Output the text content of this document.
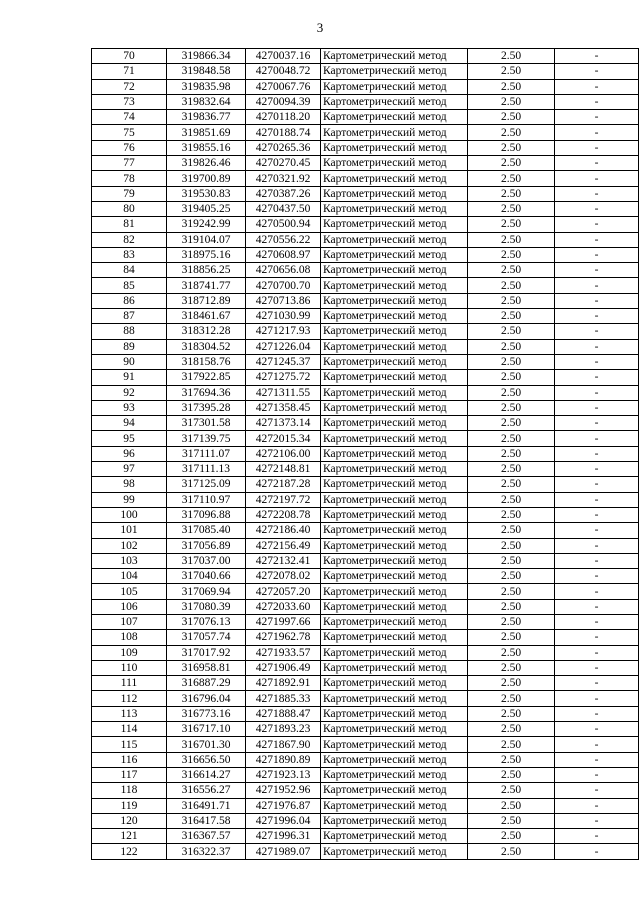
3
70	319866.34	4270037.16	Картометрический метод	2.50	-
71	319848.58	4270048.72	Картометрический метод	2.50	-
72	319835.98	4270067.76	Картометрический метод	2.50	-
73	319832.64	4270094.39	Картометрический метод	2.50	-
74	319836.77	4270118.20	Картометрический метод	2.50	-
75	319851.69	4270188.74	Картометрический метод	2.50	-
76	319855.16	4270265.36	Картометрический метод	2.50	-
77	319826.46	4270270.45	Картометрический метод	2.50	-
78	319700.89	4270321.92	Картометрический метод	2.50	-
79	319530.83	4270387.26	Картометрический метод	2.50	-
80	319405.25	4270437.50	Картометрический метод	2.50	-
81	319242.99	4270500.94	Картометрический метод	2.50	-
82	319104.07	4270556.22	Картометрический метод	2.50	-
83	318975.16	4270608.97	Картометрический метод	2.50	-
84	318856.25	4270656.08	Картометрический метод	2.50	-
85	318741.77	4270700.70	Картометрический метод	2.50	-
86	318712.89	4270713.86	Картометрический метод	2.50	-
87	318461.67	4271030.99	Картометрический метод	2.50	-
88	318312.28	4271217.93	Картометрический метод	2.50	-
89	318304.52	4271226.04	Картометрический метод	2.50	-
90	318158.76	4271245.37	Картометрический метод	2.50	-
91	317922.85	4271275.72	Картометрический метод	2.50	-
92	317694.36	4271311.55	Картометрический метод	2.50	-
93	317395.28	4271358.45	Картометрический метод	2.50	-
94	317301.58	4271373.14	Картометрический метод	2.50	-
95	317139.75	4272015.34	Картометрический метод	2.50	-
96	317111.07	4272106.00	Картометрический метод	2.50	-
97	317111.13	4272148.81	Картометрический метод	2.50	-
98	317125.09	4272187.28	Картометрический метод	2.50	-
99	317110.97	4272197.72	Картометрический метод	2.50	-
100	317096.88	4272208.78	Картометрический метод	2.50	-
101	317085.40	4272186.40	Картометрический метод	2.50	-
102	317056.89	4272156.49	Картометрический метод	2.50	-
103	317037.00	4272132.41	Картометрический метод	2.50	-
104	317040.66	4272078.02	Картометрический метод	2.50	-
105	317069.94	4272057.20	Картометрический метод	2.50	-
106	317080.39	4272033.60	Картометрический метод	2.50	-
107	317076.13	4271997.66	Картометрический метод	2.50	-
108	317057.74	4271962.78	Картометрический метод	2.50	-
109	317017.92	4271933.57	Картометрический метод	2.50	-
110	316958.81	4271906.49	Картометрический метод	2.50	-
111	316887.29	4271892.91	Картометрический метод	2.50	-
112	316796.04	4271885.33	Картометрический метод	2.50	-
113	316773.16	4271888.47	Картометрический метод	2.50	-
114	316717.10	4271893.23	Картометрический метод	2.50	-
115	316701.30	4271867.90	Картометрический метод	2.50	-
116	316656.50	4271890.89	Картометрический метод	2.50	-
117	316614.27	4271923.13	Картометрический метод	2.50	-
118	316556.27	4271952.96	Картометрический метод	2.50	-
119	316491.71	4271976.87	Картометрический метод	2.50	-
120	316417.58	4271996.04	Картометрический метод	2.50	-
121	316367.57	4271996.31	Картометрический метод	2.50	-
122	316322.37	4271989.07	Картометрический метод	2.50	-
